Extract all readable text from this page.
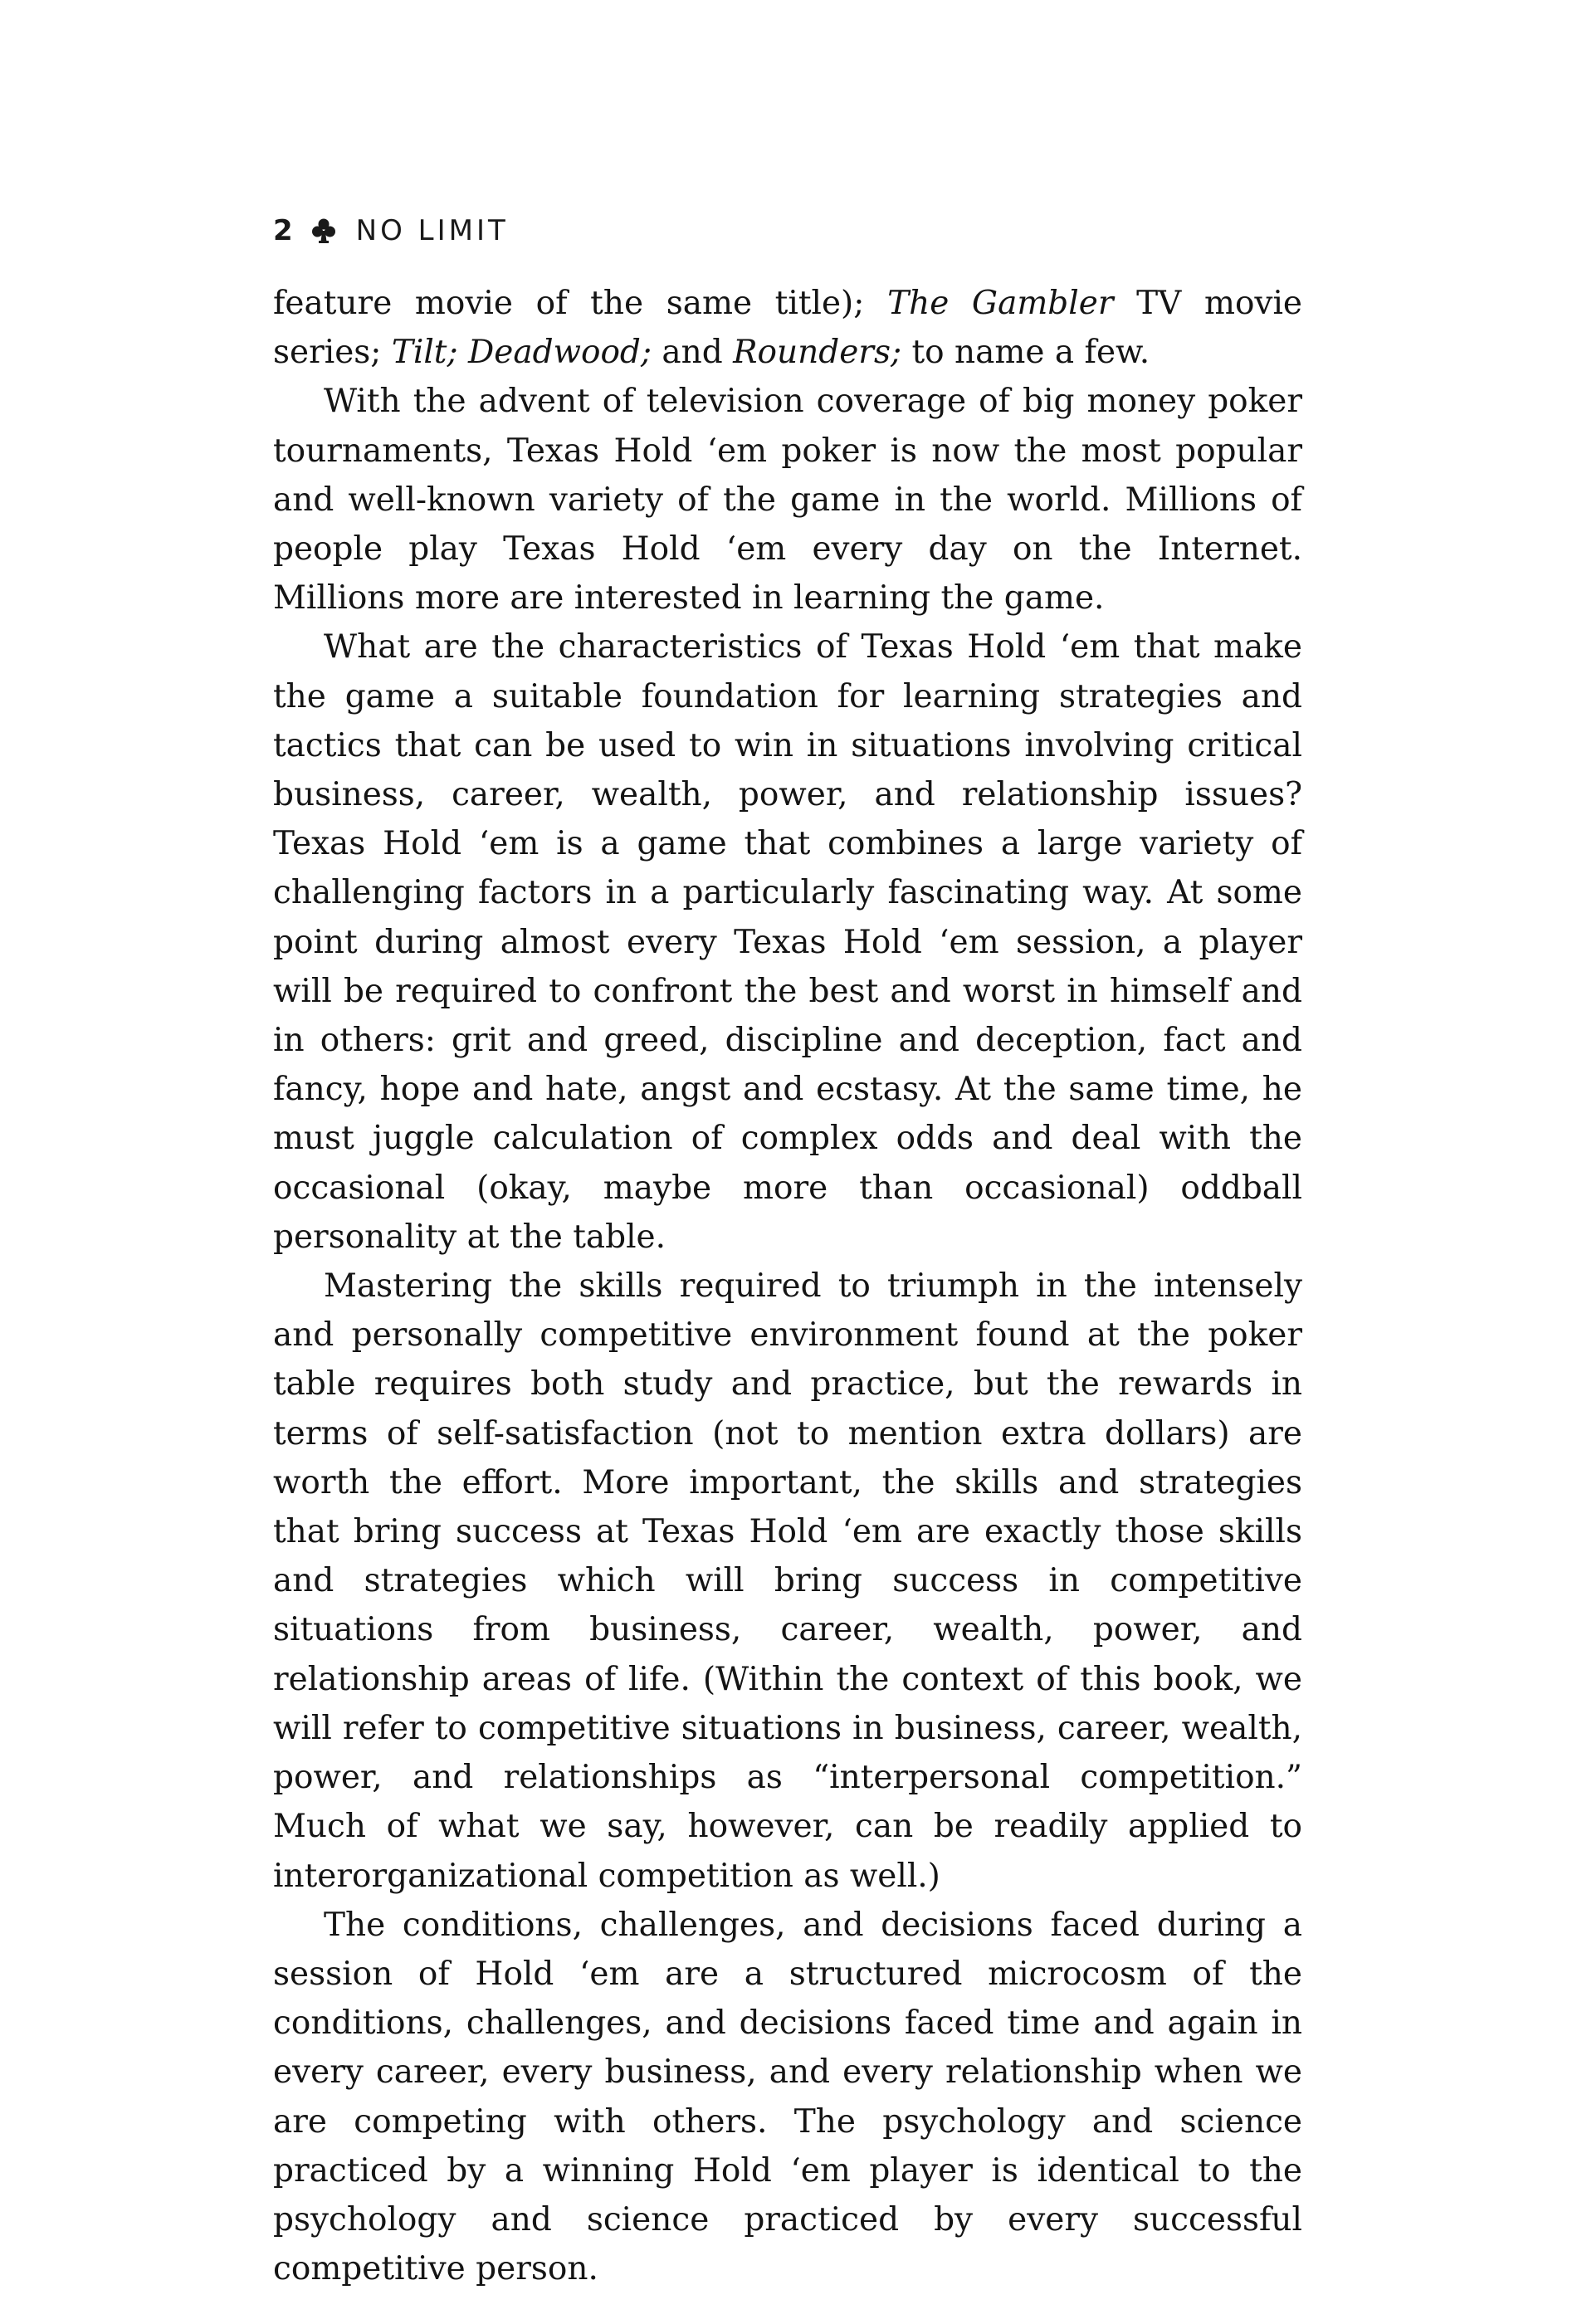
2 NO LIMIT

feature movie of the same title); The Gambler TV movie series; Tilt; Deadwood; and Rounders; to name a few.

With the advent of television coverage of big money poker tournaments, Texas Hold ‘em poker is now the most popular and well-known variety of the game in the world. Millions of people play Texas Hold ‘em every day on the Internet. Millions more are interested in learning the game.

What are the characteristics of Texas Hold ‘em that make the game a suitable foundation for learning strategies and tactics that can be used to win in situations involving critical business, career, wealth, power, and relationship issues? Texas Hold ‘em is a game that combines a large variety of challenging factors in a particularly fascinating way. At some point during almost every Texas Hold ‘em session, a player will be required to confront the best and worst in himself and in others: grit and greed, discipline and deception, fact and fancy, hope and hate, angst and ecstasy. At the same time, he must juggle calculation of complex odds and deal with the occasional (okay, maybe more than occasional) oddball personality at the table.

Mastering the skills required to triumph in the intensely and personally competitive environment found at the poker table requires both study and practice, but the rewards in terms of self-satisfaction (not to mention extra dollars) are worth the effort. More important, the skills and strategies that bring success at Texas Hold ‘em are exactly those skills and strategies which will bring success in competitive situations from business, career, wealth, power, and relationship areas of life. (Within the context of this book, we will refer to competitive situations in business, career, wealth, power, and relationships as “interpersonal competition.” Much of what we say, however, can be readily applied to interorganizational competition as well.)

The conditions, challenges, and decisions faced during a session of Hold ‘em are a structured microcosm of the conditions, challenges, and decisions faced time and again in every career, every business, and every relationship when we are competing with others. The psychology and science practiced by a winning Hold ‘em player is identical to the psychology and science practiced by every successful competitive person.
